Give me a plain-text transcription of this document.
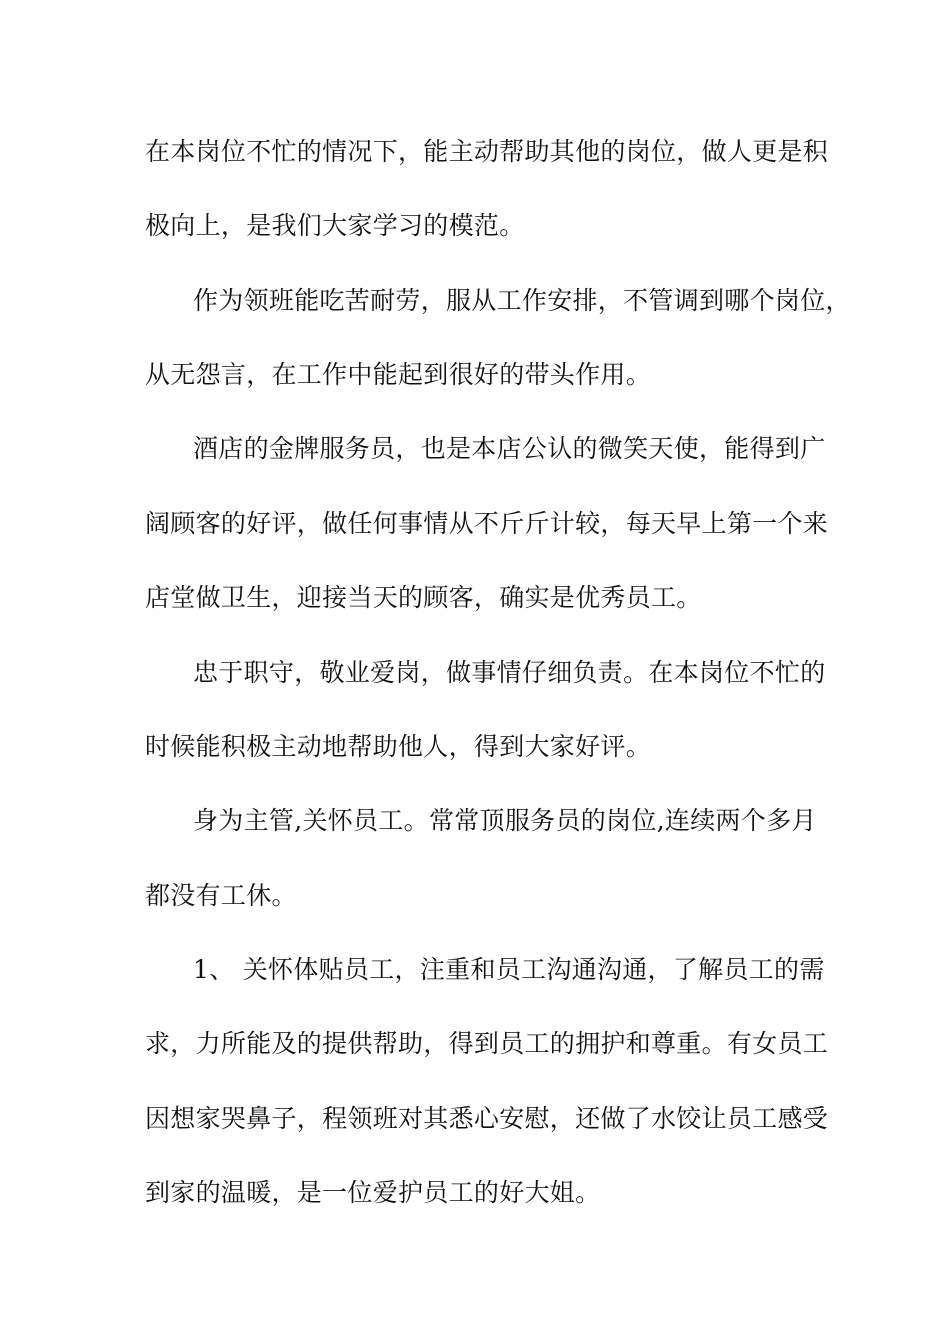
在本岗位不忙的情况下，能主动帮助其他的岗位，做人更是积
极向上，是我们大家学习的模范。
作为领班能吃苦耐劳，服从工作安排，不管调到哪个岗位，
从无怨言，在工作中能起到很好的带头作用。
酒店的金牌服务员，也是本店公认的微笑天使，能得到广
阔顾客的好评，做任何事情从不斤斤计较，每天早上第一个来
店堂做卫生，迎接当天的顾客，确实是优秀员工。
忠于职守，敬业爱岗，做事情仔细负责。在本岗位不忙的
时候能积极主动地帮助他人，得到大家好评。
身为主管,关怀员工。常常顶服务员的岗位,连续两个多月
都没有工休。
1、 关怀体贴员工，注重和员工沟通沟通，了解员工的需
求，力所能及的提供帮助，得到员工的拥护和尊重。有女员工
因想家哭鼻子，程领班对其悉心安慰，还做了水饺让员工感受
到家的温暖，是一位爱护员工的好大姐。
